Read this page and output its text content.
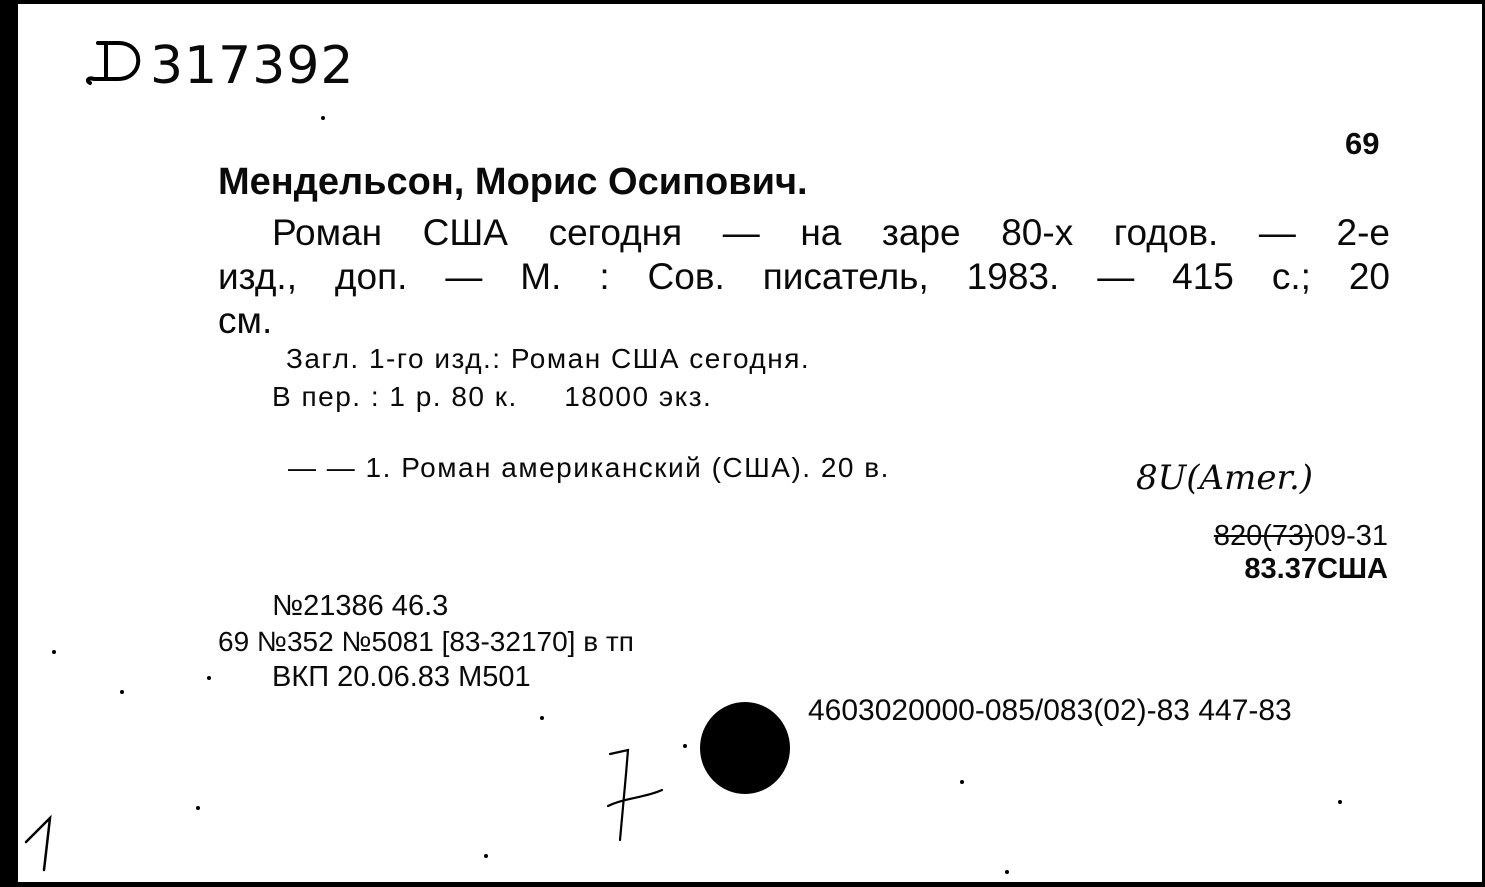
317392
69
Мендельсон, Морис Осипович.
Роман США сегодня — на заре 80-х годов. — 2-е
изд., доп. — М. : Сов. писатель, 1983. — 415 с.; 20
см.
Загл. 1-го изд.: Роман США сегодня.
В пер. : 1 р. 80 к.     18000 экз.
— — 1. Роман американский (США). 20 в.	8U(Amer.)
820(73)09-31
83.37США
№21386 46.3
69 №352 №5081 [83-32170] в тп
ВКП 20.06.83 М501
4603020000-085/083(02)-83 447-83
